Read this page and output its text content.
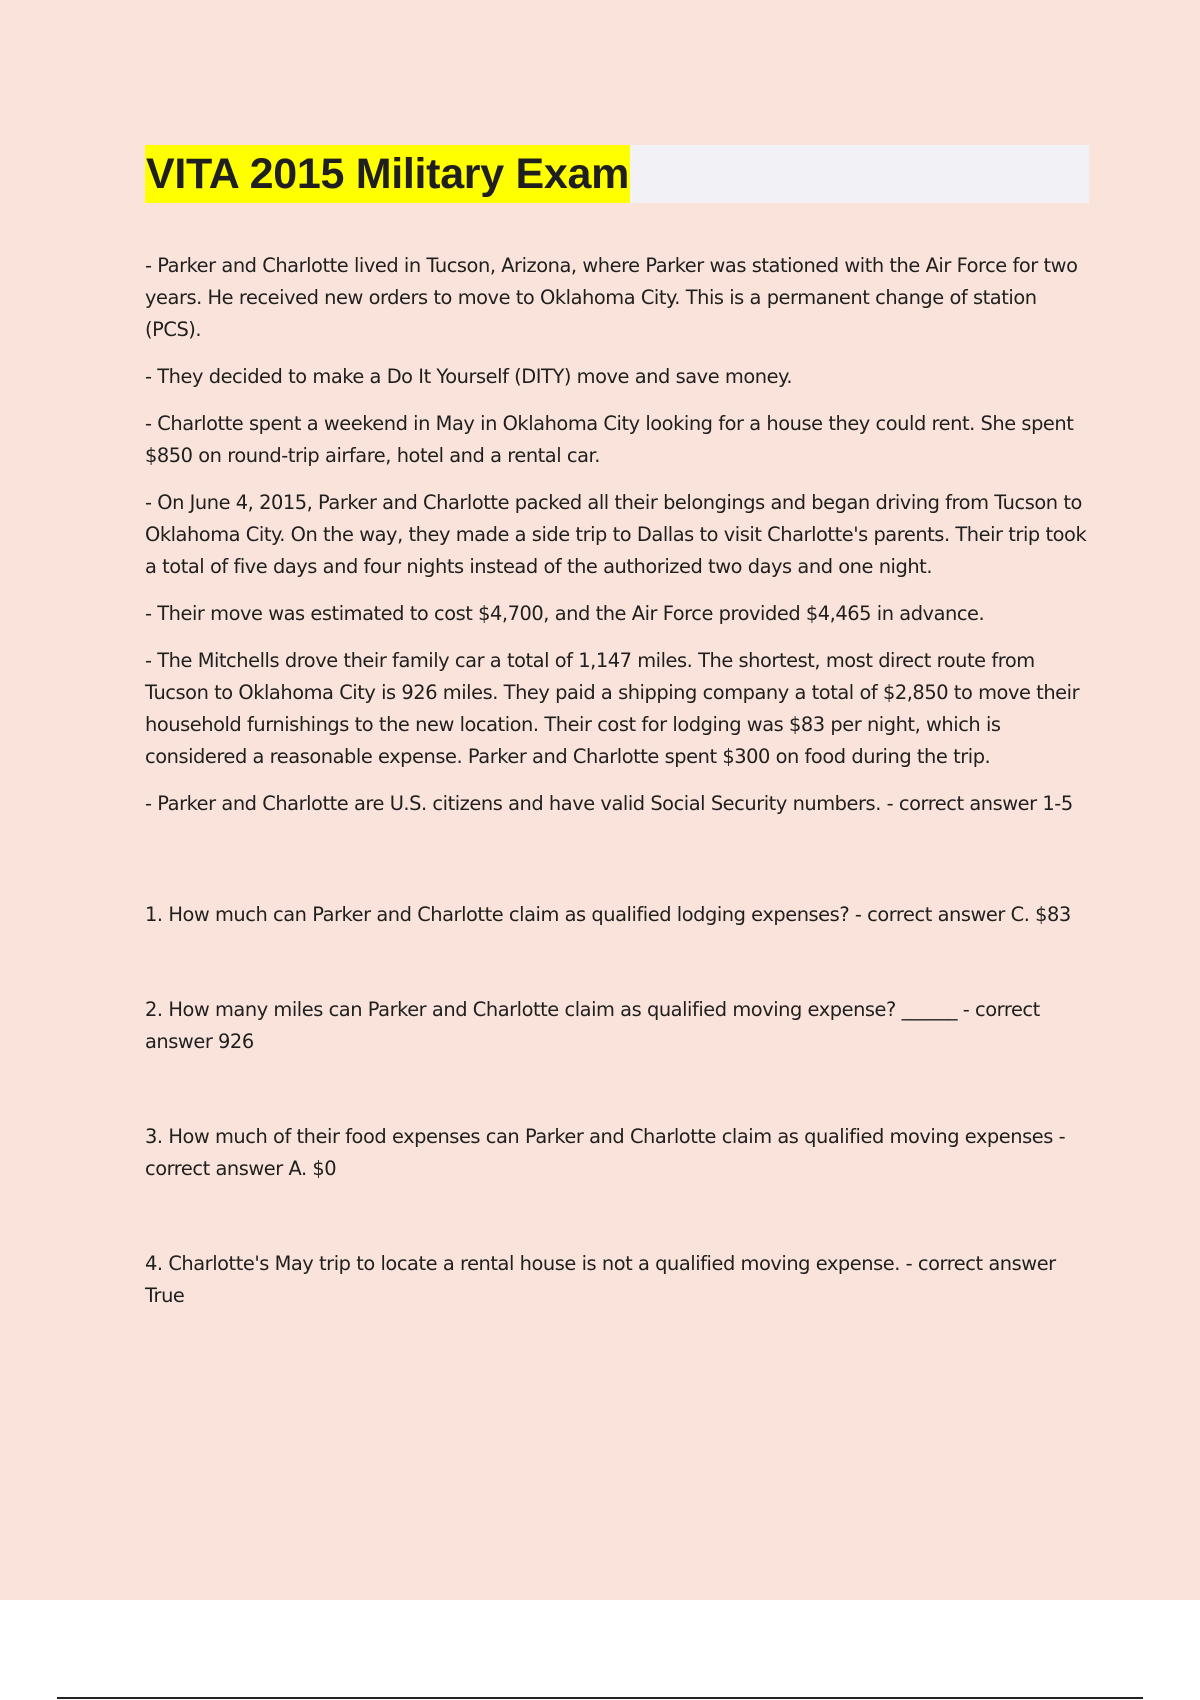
VITA 2015 Military Exam

- Parker and Charlotte lived in Tucson, Arizona, where Parker was stationed with the Air Force for two years. He received new orders to move to Oklahoma City. This is a permanent change of station (PCS).

- They decided to make a Do It Yourself (DITY) move and save money.

- Charlotte spent a weekend in May in Oklahoma City looking for a house they could rent. She spent $850 on round-trip airfare, hotel and a rental car.

- On June 4, 2015, Parker and Charlotte packed all their belongings and began driving from Tucson to Oklahoma City. On the way, they made a side trip to Dallas to visit Charlotte's parents. Their trip took a total of five days and four nights instead of the authorized two days and one night.

- Their move was estimated to cost $4,700, and the Air Force provided $4,465 in advance.

- The Mitchells drove their family car a total of 1,147 miles. The shortest, most direct route from Tucson to Oklahoma City is 926 miles. They paid a shipping company a total of $2,850 to move their household furnishings to the new location. Their cost for lodging was $83 per night, which is considered a reasonable expense. Parker and Charlotte spent $300 on food during the trip.

- Parker and Charlotte are U.S. citizens and have valid Social Security numbers. - correct answer 1-5

1. How much can Parker and Charlotte claim as qualified lodging expenses? - correct answer C. $83

2. How many miles can Parker and Charlotte claim as qualified moving expense? ______ - correct answer 926

3. How much of their food expenses can Parker and Charlotte claim as qualified moving expenses - correct answer A. $0

4. Charlotte's May trip to locate a rental house is not a qualified moving expense. - correct answer True
